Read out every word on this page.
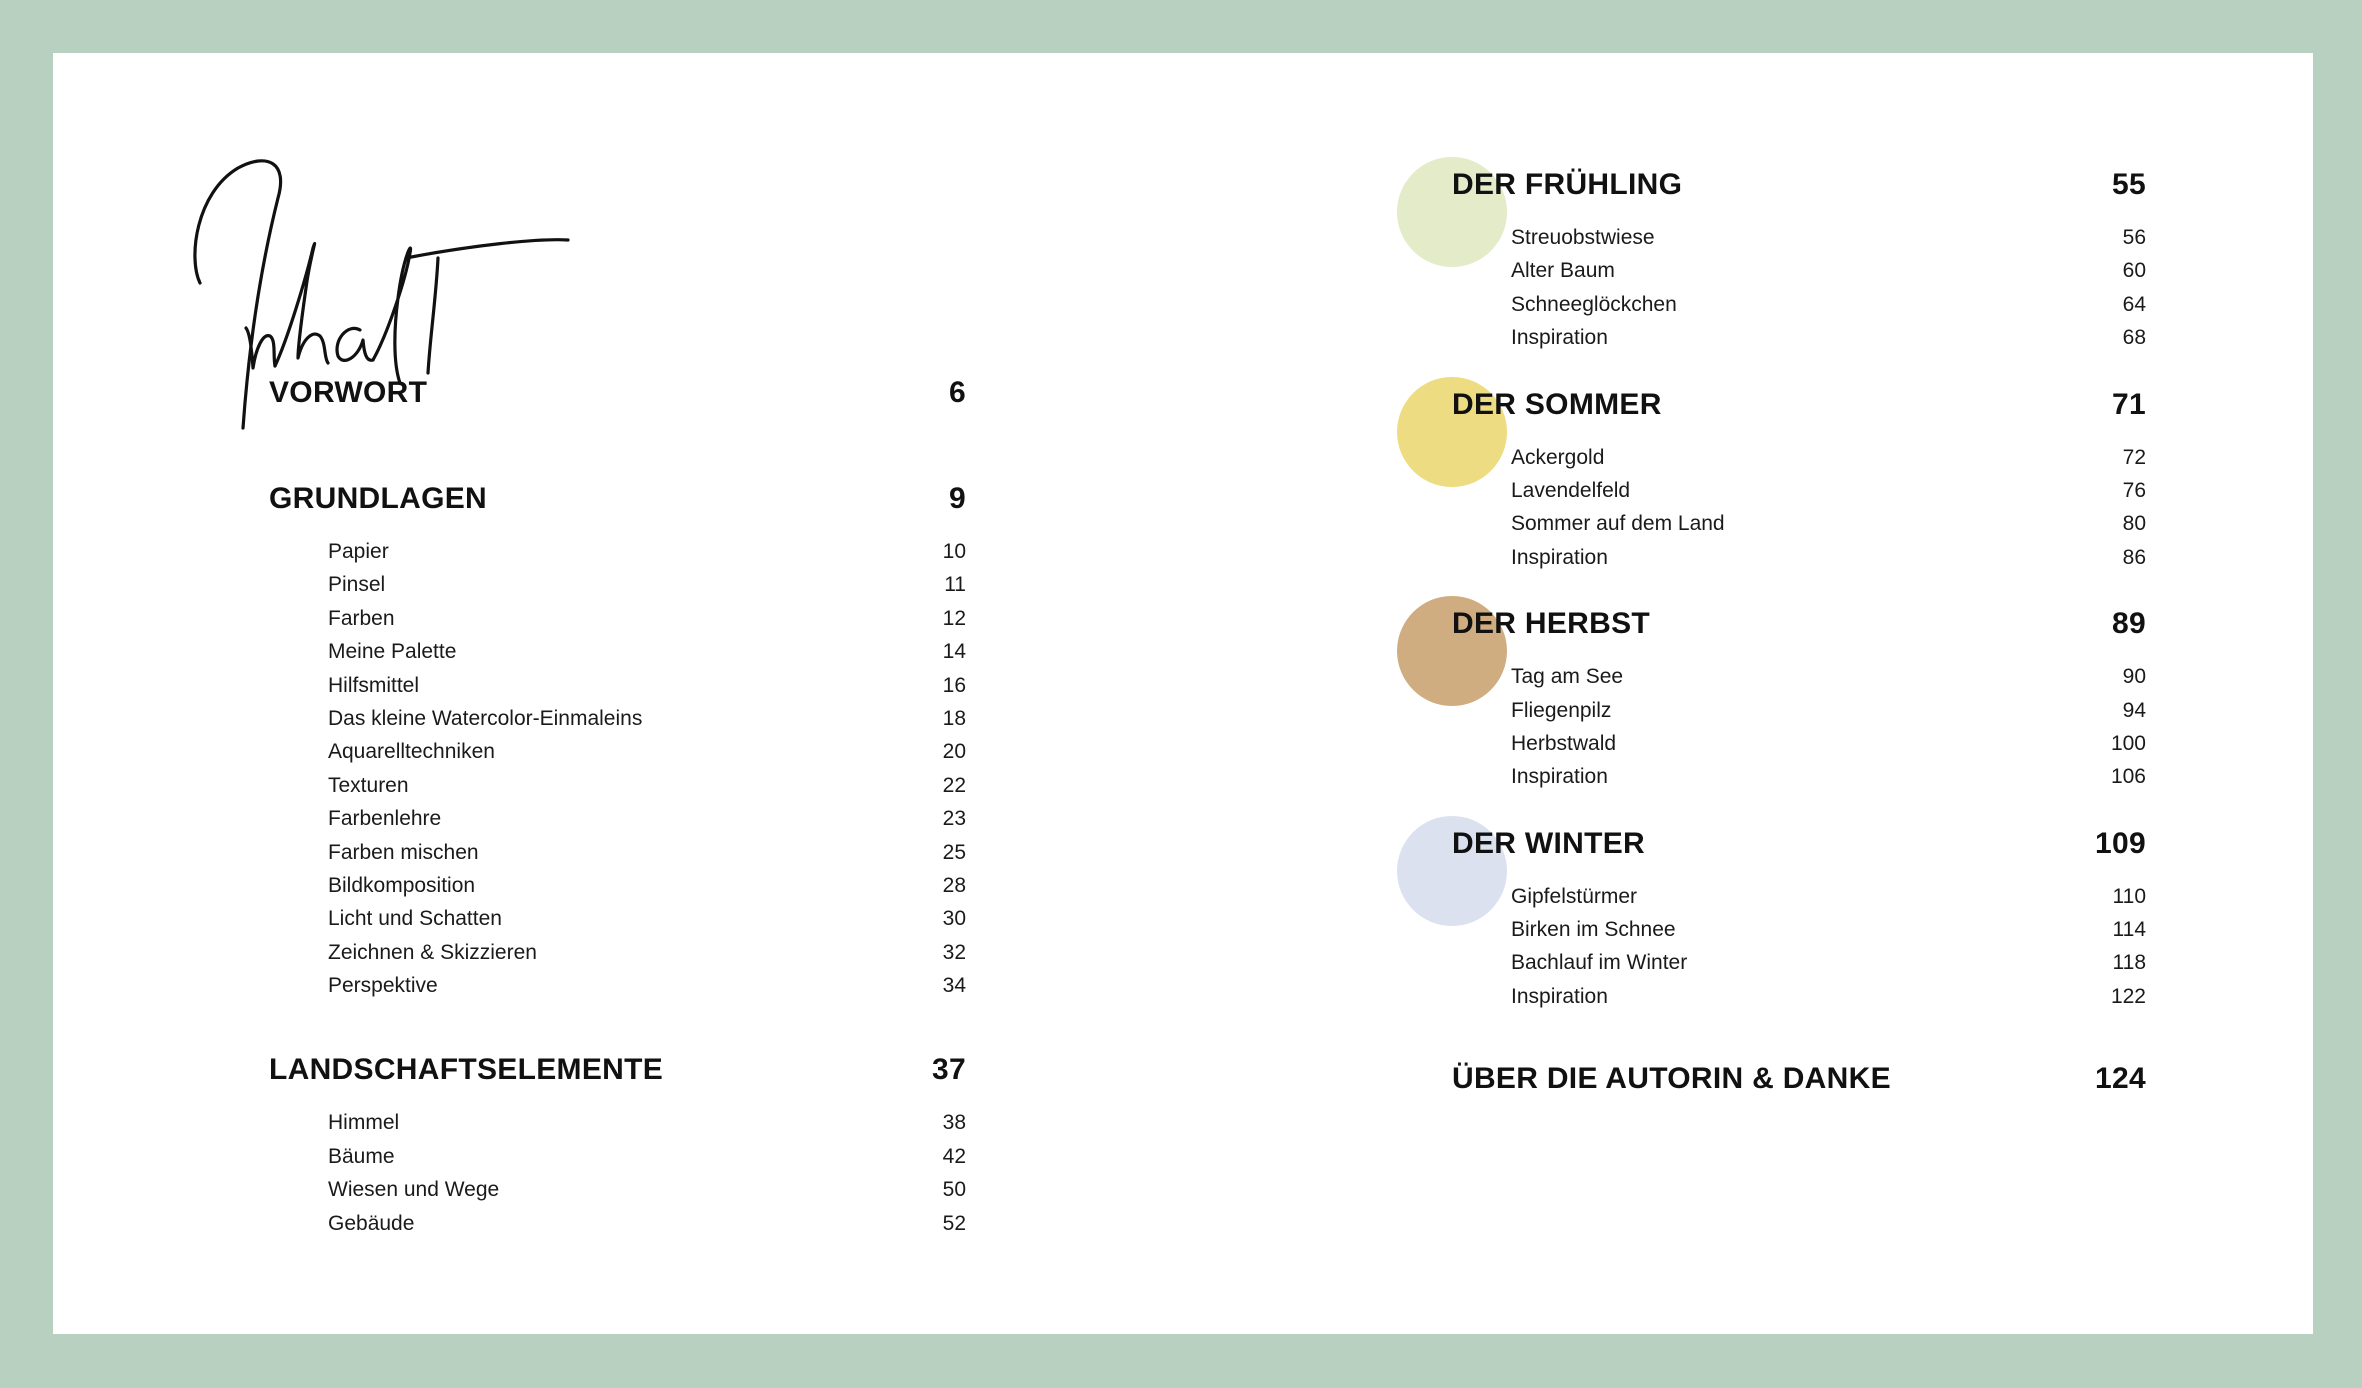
VORWORT	6
GRUNDLAGEN	9
Papier	10
Pinsel	11
Farben	12
Meine Palette	14
Hilfsmittel	16
Das kleine Watercolor-Einmaleins	18
Aquarelltechniken	20
Texturen	22
Farbenlehre	23
Farben mischen	25
Bildkomposition	28
Licht und Schatten	30
Zeichnen & Skizzieren	32
Perspektive	34
LANDSCHAFTSELEMENTE	37
Himmel	38
Bäume	42
Wiesen und Wege	50
Gebäude	52
DER FRÜHLING	55
Streuobstwiese	56
Alter Baum	60
Schneeglöckchen	64
Inspiration	68
DER SOMMER	71
Ackergold	72
Lavendelfeld	76
Sommer auf dem Land	80
Inspiration	86
DER HERBST	89
Tag am See	90
Fliegenpilz	94
Herbstwald	100
Inspiration	106
DER WINTER	109
Gipfelstürmer	110
Birken im Schnee	114
Bachlauf im Winter	118
Inspiration	122
ÜBER DIE AUTORIN & DANKE	124
